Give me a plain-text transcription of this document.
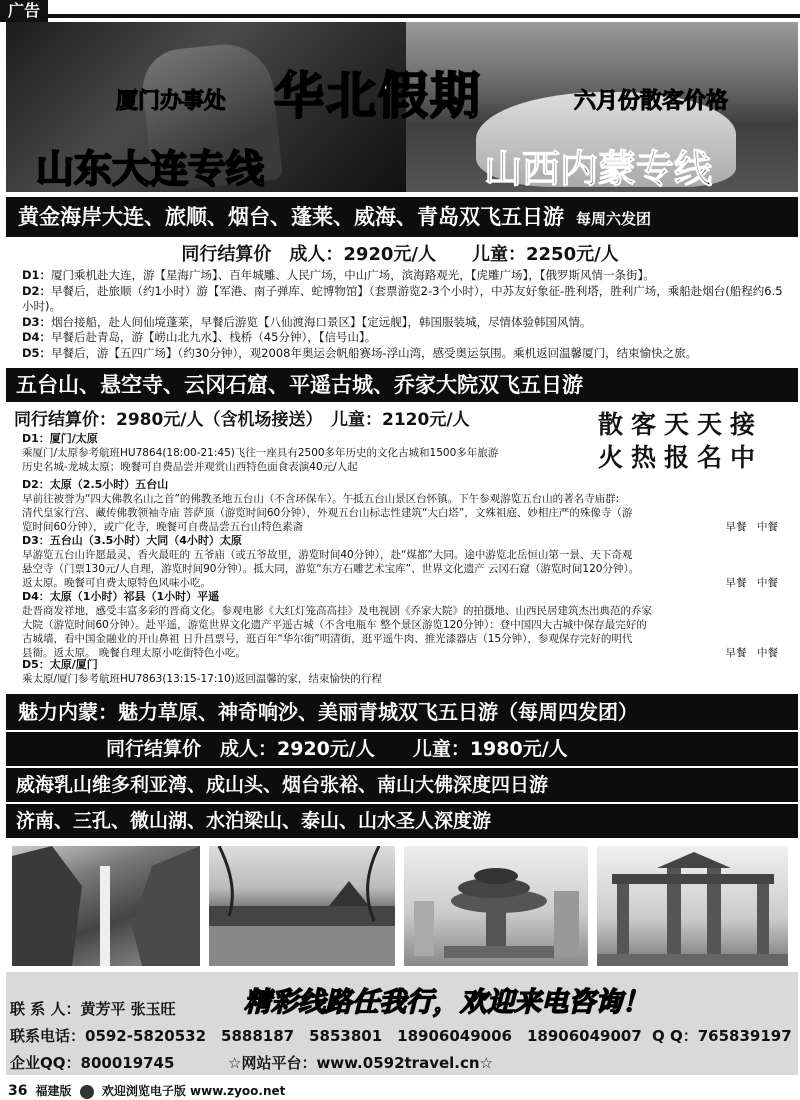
广告
厦门办事处 华北假期	六月份散客价格
山东大连专线	山西内蒙专线
黄金海岸大连、旅顺、烟台、蓬莱、威海、青岛双飞五日游 每周六发团
同行结算价　成人：2920元/人　　儿童：2250元/人
D1：厦门乘机赴大连，游【星海广场】、百年城雕、人民广场，中山广场，滨海路观光，【虎雕广场】，【俄罗斯风情一条街】。
D2：早餐后，赴旅顺（约1小时）游【军港、南子弹库、蛇博物馆】（套票游览2-3个小时），中苏友好象征-胜利塔，胜利广场，乘船赴烟台(船程约6.5小时)。
D3：烟台接船，赴人间仙境蓬莱，早餐后游览【八仙渡海口景区】【定远舰】，韩国服装城，尽情体验韩国风情。
D4：早餐后赴青岛，游【崂山北九水】、栈桥（45分钟），【信号山】。
D5：早餐后，游【五四广场】（约30分钟），观2008年奥运会帆船赛场-浮山湾，感受奥运氛围。乘机返回温馨厦门，结束愉快之旅。
五台山、悬空寺、云冈石窟、平遥古城、乔家大院双飞五日游
同行结算价：2980元/人（含机场接送）　儿童：2120元/人	散客天天接
火热报名中
D1：厦门/太原
乘厦门/太原参考航班HU7864(18:00-21:45)飞往一座具有2500多年历史的文化古城和1500多年旅游
历史名城-龙城太原；晚餐可自费品尝并观赏山西特色面食表演40元/人起
D2：太原（2.5小时）五台山
早前往被誉为“四大佛教名山之首”的佛教圣地五台山（不含环保车）。午抵五台山景区台怀镇。下午参观游览五台山的著名寺庙群:
清代皇家行宫、藏传佛教领袖寺庙 菩萨顶（游览时间60分钟），外观五台山标志性建筑“大白塔”，文殊祖庭、妙相庄严的殊像寺（游
览时间60分钟），或广化寺，晚餐可自费品尝五台山特色素斋	早餐　中餐
D3：五台山（3.5小时）大同（4小时）太原
早游览五台山许愿最灵、香火最旺的 五爷庙（或五爷故里，游览时间40分钟），赴“煤都”大同。途中游览北岳恒山第一景、天下奇观
悬空寺（门票130元/人自理，游览时间90分钟）。抵大同，游览“东方石雕艺术宝库”、世界文化遗产 云冈石窟（游览时间120分钟）。
返太原。晚餐可自费太原特色风味小吃。	早餐　中餐
D4：太原（1小时）祁县（1小时）平遥
赴晋商发祥地，感受丰富多彩的晋商文化。参观电影《大红灯笼高高挂》及电视剧《乔家大院》的拍摄地、山西民居建筑杰出典范的乔家
大院（游览时间60分钟）。赴平遥，游览世界文化遗产平遥古城（不含电瓶车 整个景区游览120分钟）：登中国四大古城中保存最完好的
古城墙，看中国金融业的开山鼻祖 日升昌票号，逛百年“华尔街”明清街，逛平遥牛肉、推光漆器店（15分钟），参观保存完好的明代
县衙。返太原。 晚餐自理太原小吃街特色小吃。	早餐　中餐
D5：太原/厦门
乘太原/厦门参考航班HU7863(13:15-17:10)返回温馨的家，结束愉快的行程
魅力内蒙：魅力草原、神奇响沙、美丽青城双飞五日游（每周四发团）
同行结算价　成人：2920元/人　　儿童：1980元/人
威海乳山维多利亚湾、成山头、烟台张裕、南山大佛深度四日游
济南、三孔、微山湖、水泊梁山、泰山、山水圣人深度游
联 系 人：黄芳平 张玉旺	精彩线路任我行，欢迎来电咨询！
联系电话：0592-5820532　5888187　5853801　18906049006　18906049007 Q Q：765839197
企业QQ：800019745	☆网站平台：www.0592travel.cn☆
36 福建版	欢迎浏览电子版 www.zyoo.net
